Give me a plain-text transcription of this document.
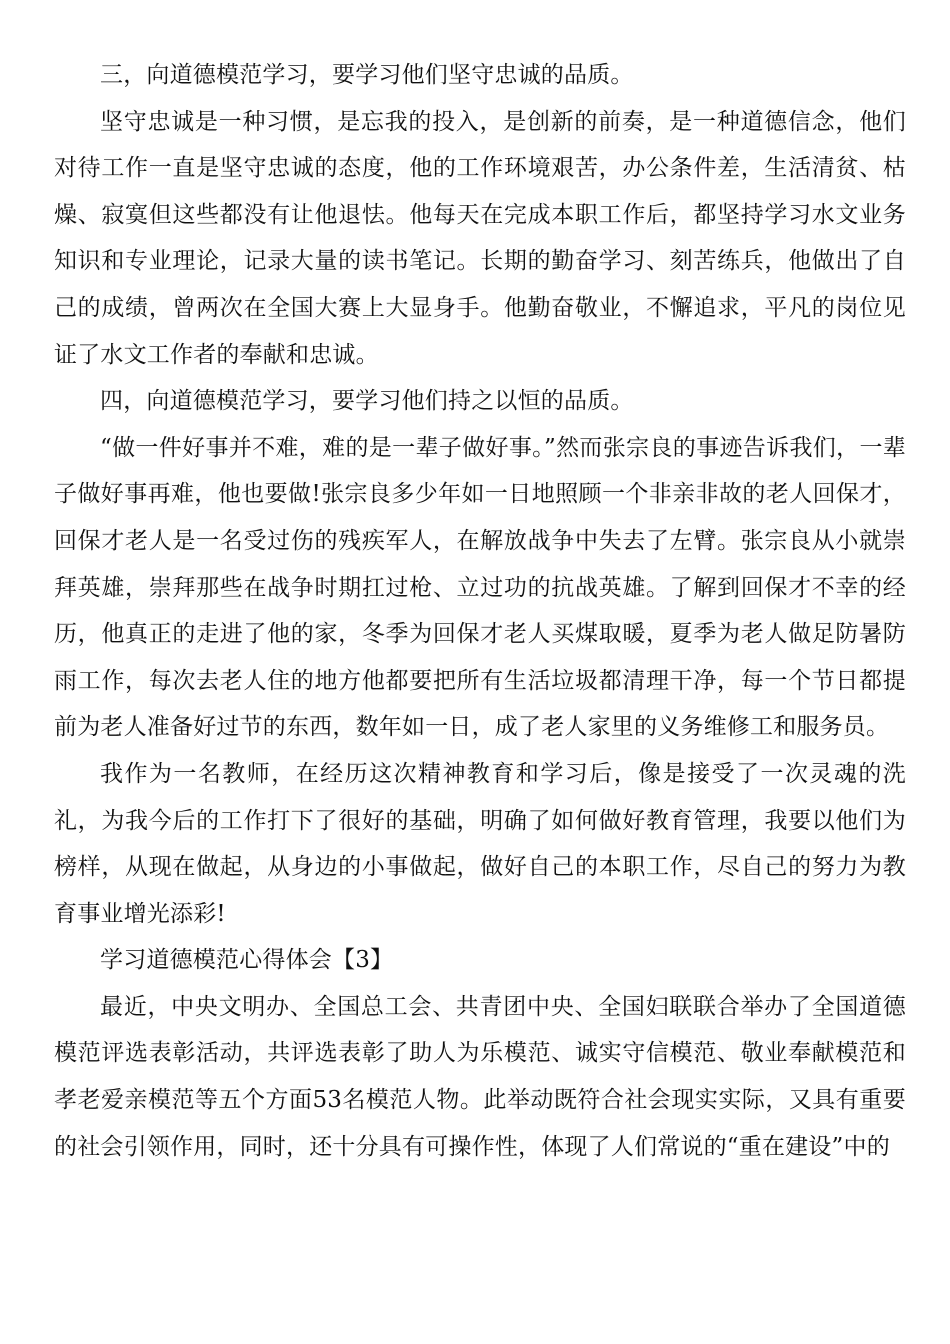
三，向道德模范学习，要学习他们坚守忠诚的品质。

坚守忠诚是一种习惯，是忘我的投入，是创新的前奏，是一种道德信念，他们对待工作一直是坚守忠诚的态度，他的工作环境艰苦，办公条件差，生活清贫、枯燥、寂寞但这些都没有让他退怯。他每天在完成本职工作后，都坚持学习水文业务知识和专业理论，记录大量的读书笔记。长期的勤奋学习、刻苦练兵，他做出了自己的成绩，曾两次在全国大赛上大显身手。他勤奋敬业，不懈追求，平凡的岗位见证了水文工作者的奉献和忠诚。

四，向道德模范学习，要学习他们持之以恒的品质。

“做一件好事并不难，难的是一辈子做好事。”然而张宗良的事迹告诉我们，一辈子做好事再难，他也要做!张宗良多少年如一日地照顾一个非亲非故的老人回保才，回保才老人是一名受过伤的残疾军人，在解放战争中失去了左臂。张宗良从小就崇拜英雄，崇拜那些在战争时期扛过枪、立过功的抗战英雄。了解到回保才不幸的经历，他真正的走进了他的家，冬季为回保才老人买煤取暖，夏季为老人做足防暑防雨工作，每次去老人住的地方他都要把所有生活垃圾都清理干净，每一个节日都提前为老人准备好过节的东西，数年如一日，成了老人家里的义务维修工和服务员。

我作为一名教师，在经历这次精神教育和学习后，像是接受了一次灵魂的洗礼，为我今后的工作打下了很好的基础，明确了如何做好教育管理，我要以他们为榜样，从现在做起，从身边的小事做起，做好自己的本职工作，尽自己的努力为教育事业增光添彩!

学习道德模范心得体会【3】

最近，中央文明办、全国总工会、共青团中央、全国妇联联合举办了全国道德模范评选表彰活动，共评选表彰了助人为乐模范、诚实守信模范、敬业奉献模范和孝老爱亲模范等五个方面53名模范人物。此举动既符合社会现实实际，又具有重要的社会引领作用，同时，还十分具有可操作性，体现了人们常说的“重在建设”中的
